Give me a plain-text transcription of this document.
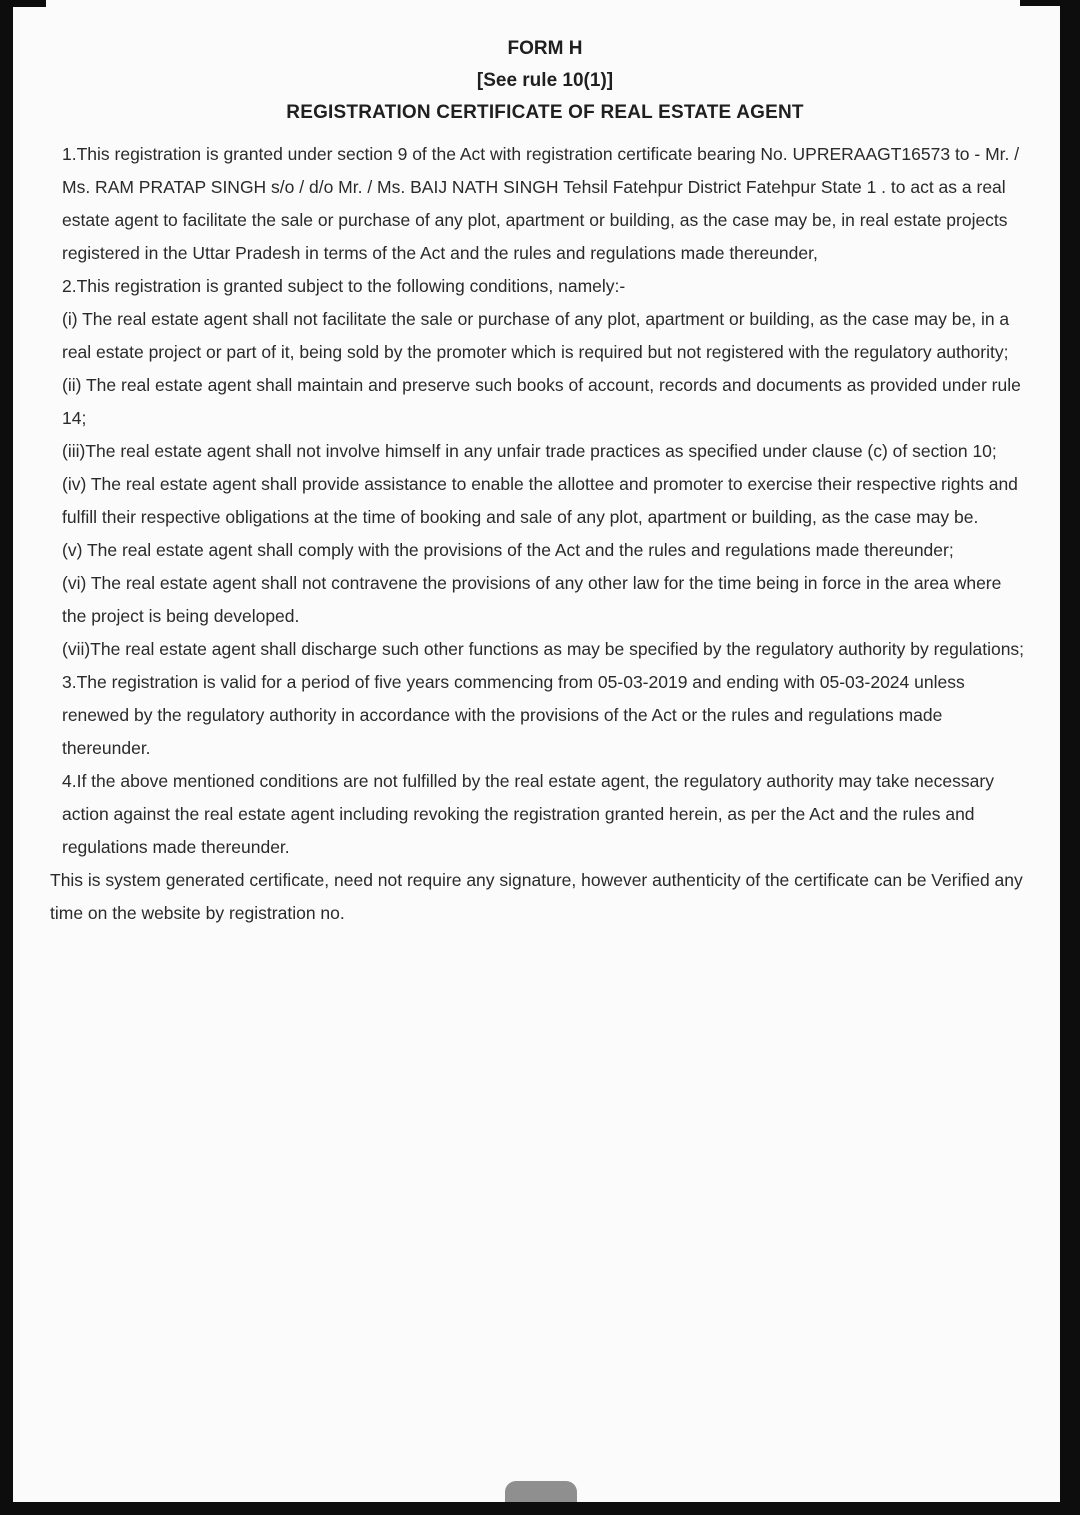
FORM H
[See rule 10(1)]
REGISTRATION CERTIFICATE OF REAL ESTATE AGENT

1.This registration is granted under section 9 of the Act with registration certificate bearing No. UPRERAAGT16573 to - Mr. / Ms. RAM PRATAP SINGH s/o / d/o Mr. / Ms. BAIJ NATH SINGH Tehsil Fatehpur District Fatehpur State 1 . to act as a real estate agent to facilitate the sale or purchase of any plot, apartment or building, as the case may be, in real estate projects registered in the Uttar Pradesh in terms of the Act and the rules and regulations made thereunder,

2.This registration is granted subject to the following conditions, namely:-

(i) The real estate agent shall not facilitate the sale or purchase of any plot, apartment or building, as the case may be, in a real estate project or part of it, being sold by the promoter which is required but not registered with the regulatory authority;

(ii) The real estate agent shall maintain and preserve such books of account, records and documents as provided under rule 14;

(iii)The real estate agent shall not involve himself in any unfair trade practices as specified under clause (c) of section 10;

(iv) The real estate agent shall provide assistance to enable the allottee and promoter to exercise their respective rights and fulfill their respective obligations at the time of booking and sale of any plot, apartment or building, as the case may be.

(v) The real estate agent shall comply with the provisions of the Act and the rules and regulations made thereunder;

(vi) The real estate agent shall not contravene the provisions of any other law for the time being in force in the area where the project is being developed.

(vii)The real estate agent shall discharge such other functions as may be specified by the regulatory authority by regulations;

3.The registration is valid for a period of five years commencing from 05-03-2019 and ending with 05-03-2024 unless renewed by the regulatory authority in accordance with the provisions of the Act or the rules and regulations made thereunder.

4.If the above mentioned conditions are not fulfilled by the real estate agent, the regulatory authority may take necessary action against the real estate agent including revoking the registration granted herein, as per the Act and the rules and regulations made thereunder.

This is system generated certificate, need not require any signature, however authenticity of the certificate can be Verified any time on the website by registration no.
